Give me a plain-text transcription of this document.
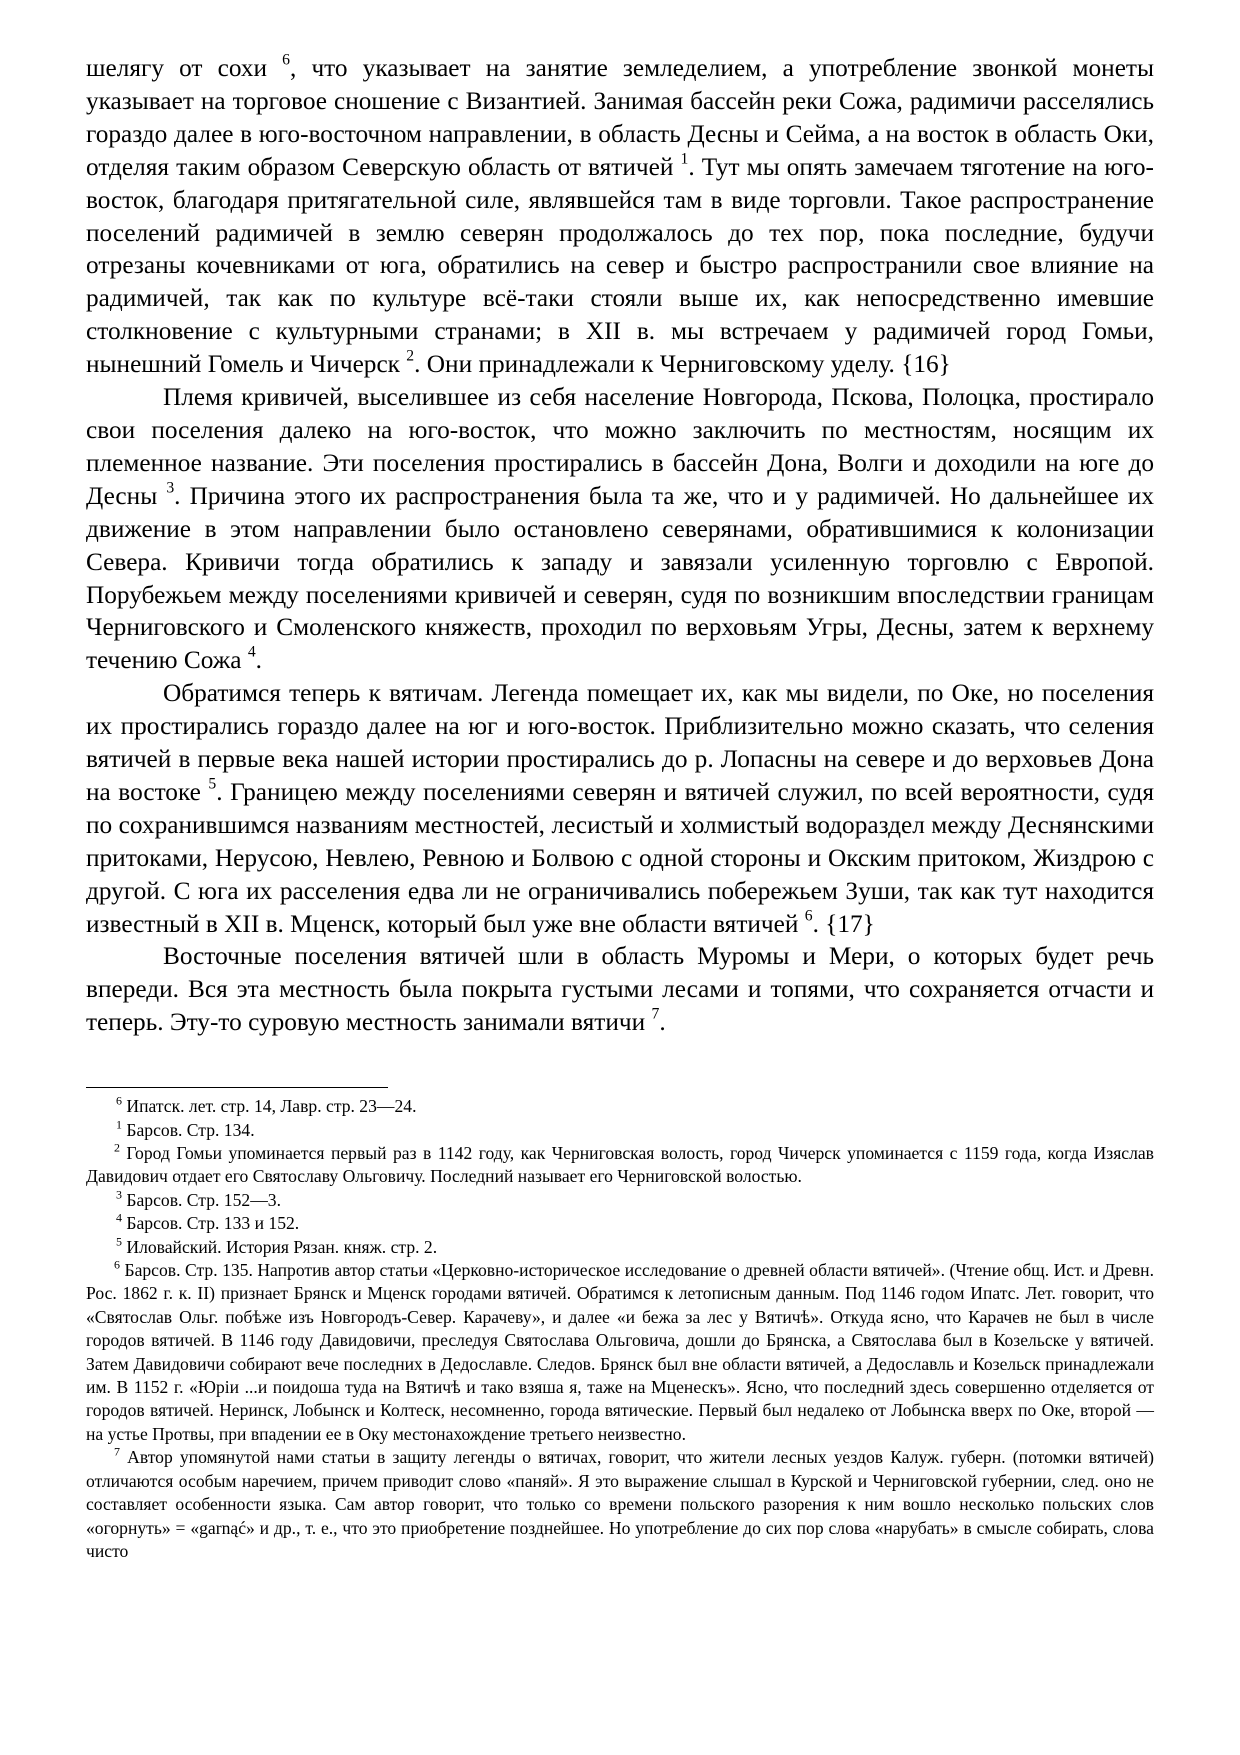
шелягу от сохи $^6$, что указывает на занятие земледелием, а употребление звонкой монеты указывает на торговое сношение с Византией. Занимая бассейн реки Сожа, радимичи расселялись гораздо далее в юго-восточном направлении, в область Десны и Сейма, а на восток в область Оки, отделяя таким образом Северскую область от вятичей $^1$. Тут мы опять замечаем тяготение на юго-восток, благодаря притягательной силе, являвшейся там в виде торговли. Такое распространение поселений радимичей в землю северян продолжалось до тех пор, пока последние, будучи отрезаны кочевниками от юга, обратились на север и быстро распространили свое влияние на радимичей, так как по культуре всё-таки стояли выше их, как непосредственно имевшие столкновение с культурными странами; в XII в. мы встречаем у радимичей город Гомьи, нынешний Гомель и Чичерск $^2$. Они принадлежали к Черниговскому уделу. {16}

Племя кривичей, выселившее из себя население Новгорода, Пскова, Полоцка, простирало свои поселения далеко на юго-восток, что можно заключить по местностям, носящим их племенное название. Эти поселения простирались в бассейн Дона, Волги и доходили на юге до Десны $^3$. Причина этого их распространения была та же, что и у радимичей. Но дальнейшее их движение в этом направлении было остановлено северянами, обратившимися к колонизации Севера. Кривичи тогда обратились к западу и завязали усиленную торговлю с Европой. Порубежьем между поселениями кривичей и северян, судя по возникшим впоследствии границам Черниговского и Смоленского княжеств, проходил по верховьям Угры, Десны, затем к верхнему течению Сожа $^4$.

Обратимся теперь к вятичам. Легенда помещает их, как мы видели, по Оке, но поселения их простирались гораздо далее на юг и юго-восток. Приблизительно можно сказать, что селения вятичей в первые века нашей истории простирались до р. Лопасны на севере и до верховьев Дона на востоке $^5$. Границею между поселениями северян и вятичей служил, по всей вероятности, судя по сохранившимся названиям местностей, лесистый и холмистый водораздел между Деснянскими притоками, Нерусою, Невлею, Ревною и Болвою с одной стороны и Окским притоком, Жиздрою с другой. С юга их расселения едва ли не ограничивались побережьем Зуши, так как тут находится известный в XII в. Мценск, который был уже вне области вятичей $^6$. {17}

Восточные поселения вятичей шли в область Муромы и Мери, о которых будет речь впереди. Вся эта местность была покрыта густыми лесами и топями, что сохраняется отчасти и теперь. Эту-то суровую местность занимали вятичи $^7$.

$^6$ Ипатск. лет. стр. 14, Лавр. стр. 23—24.

$^1$ Барсов. Стр. 134.

$^2$ Город Гомьи упоминается первый раз в 1142 году, как Черниговская волость, город Чичерск упоминается с 1159 года, когда Изяслав Давидович отдает его Святославу Ольговичу. Последний называет его Черниговской волостью.

$^3$ Барсов. Стр. 152—3.

$^4$ Барсов. Стр. 133 и 152.

$^5$ Иловайский. История Рязан. княж. стр. 2.

$^6$ Барсов. Стр. 135. Напротив автор статьи «Церковно-историческое исследование о древней области вятичей». (Чтение общ. Ист. и Древн. Рос. 1862 г. к. II) признает Брянск и Мценск городами вятичей. Обратимся к летописным данным. Под 1146 годом Ипатс. Лет. говорит, что «Святослав Ольг. побѣже изъ Новгородъ-Север. Карачеву», и далее «и бежа за лес у Вятичѣ». Откуда ясно, что Карачев не был в числе городов вятичей. В 1146 году Давидовичи, преследуя Святослава Ольговича, дошли до Брянска, а Святослава был в Козельске у вятичей. Затем Давидовичи собирают вече последних в Дедославле. Следов. Брянск был вне области вятичей, а Дедославль и Козельск принадлежали им. В 1152 г. «Юріи ...и поидоша туда на Вятичѣ и тако взяша я, таже на Мценескъ». Ясно, что последний здесь совершенно отделяется от городов вятичей. Неринск, Лобынск и Колтеск, несомненно, города вятические. Первый был недалеко от Лобынска вверх по Оке, второй — на устье Протвы, при впадении ее в Оку местонахождение третьего неизвестно.

$^7$ Автор упомянутой нами статьи в защиту легенды о вятичах, говорит, что жители лесных уездов Калуж. губерн. (потомки вятичей) отличаются особым наречием, причем приводит слово «паняй». Я это выражение слышал в Курской и Черниговской губернии, след. оно не составляет особенности языка. Сам автор говорит, что только со времени польского разорения к ним вошло несколько польских слов «огорнуть» = «garnąć» и др., т. е., что это приобретение позднейшее. Но употребление до сих пор слова «нарубать» в смысле собирать, слова чисто
